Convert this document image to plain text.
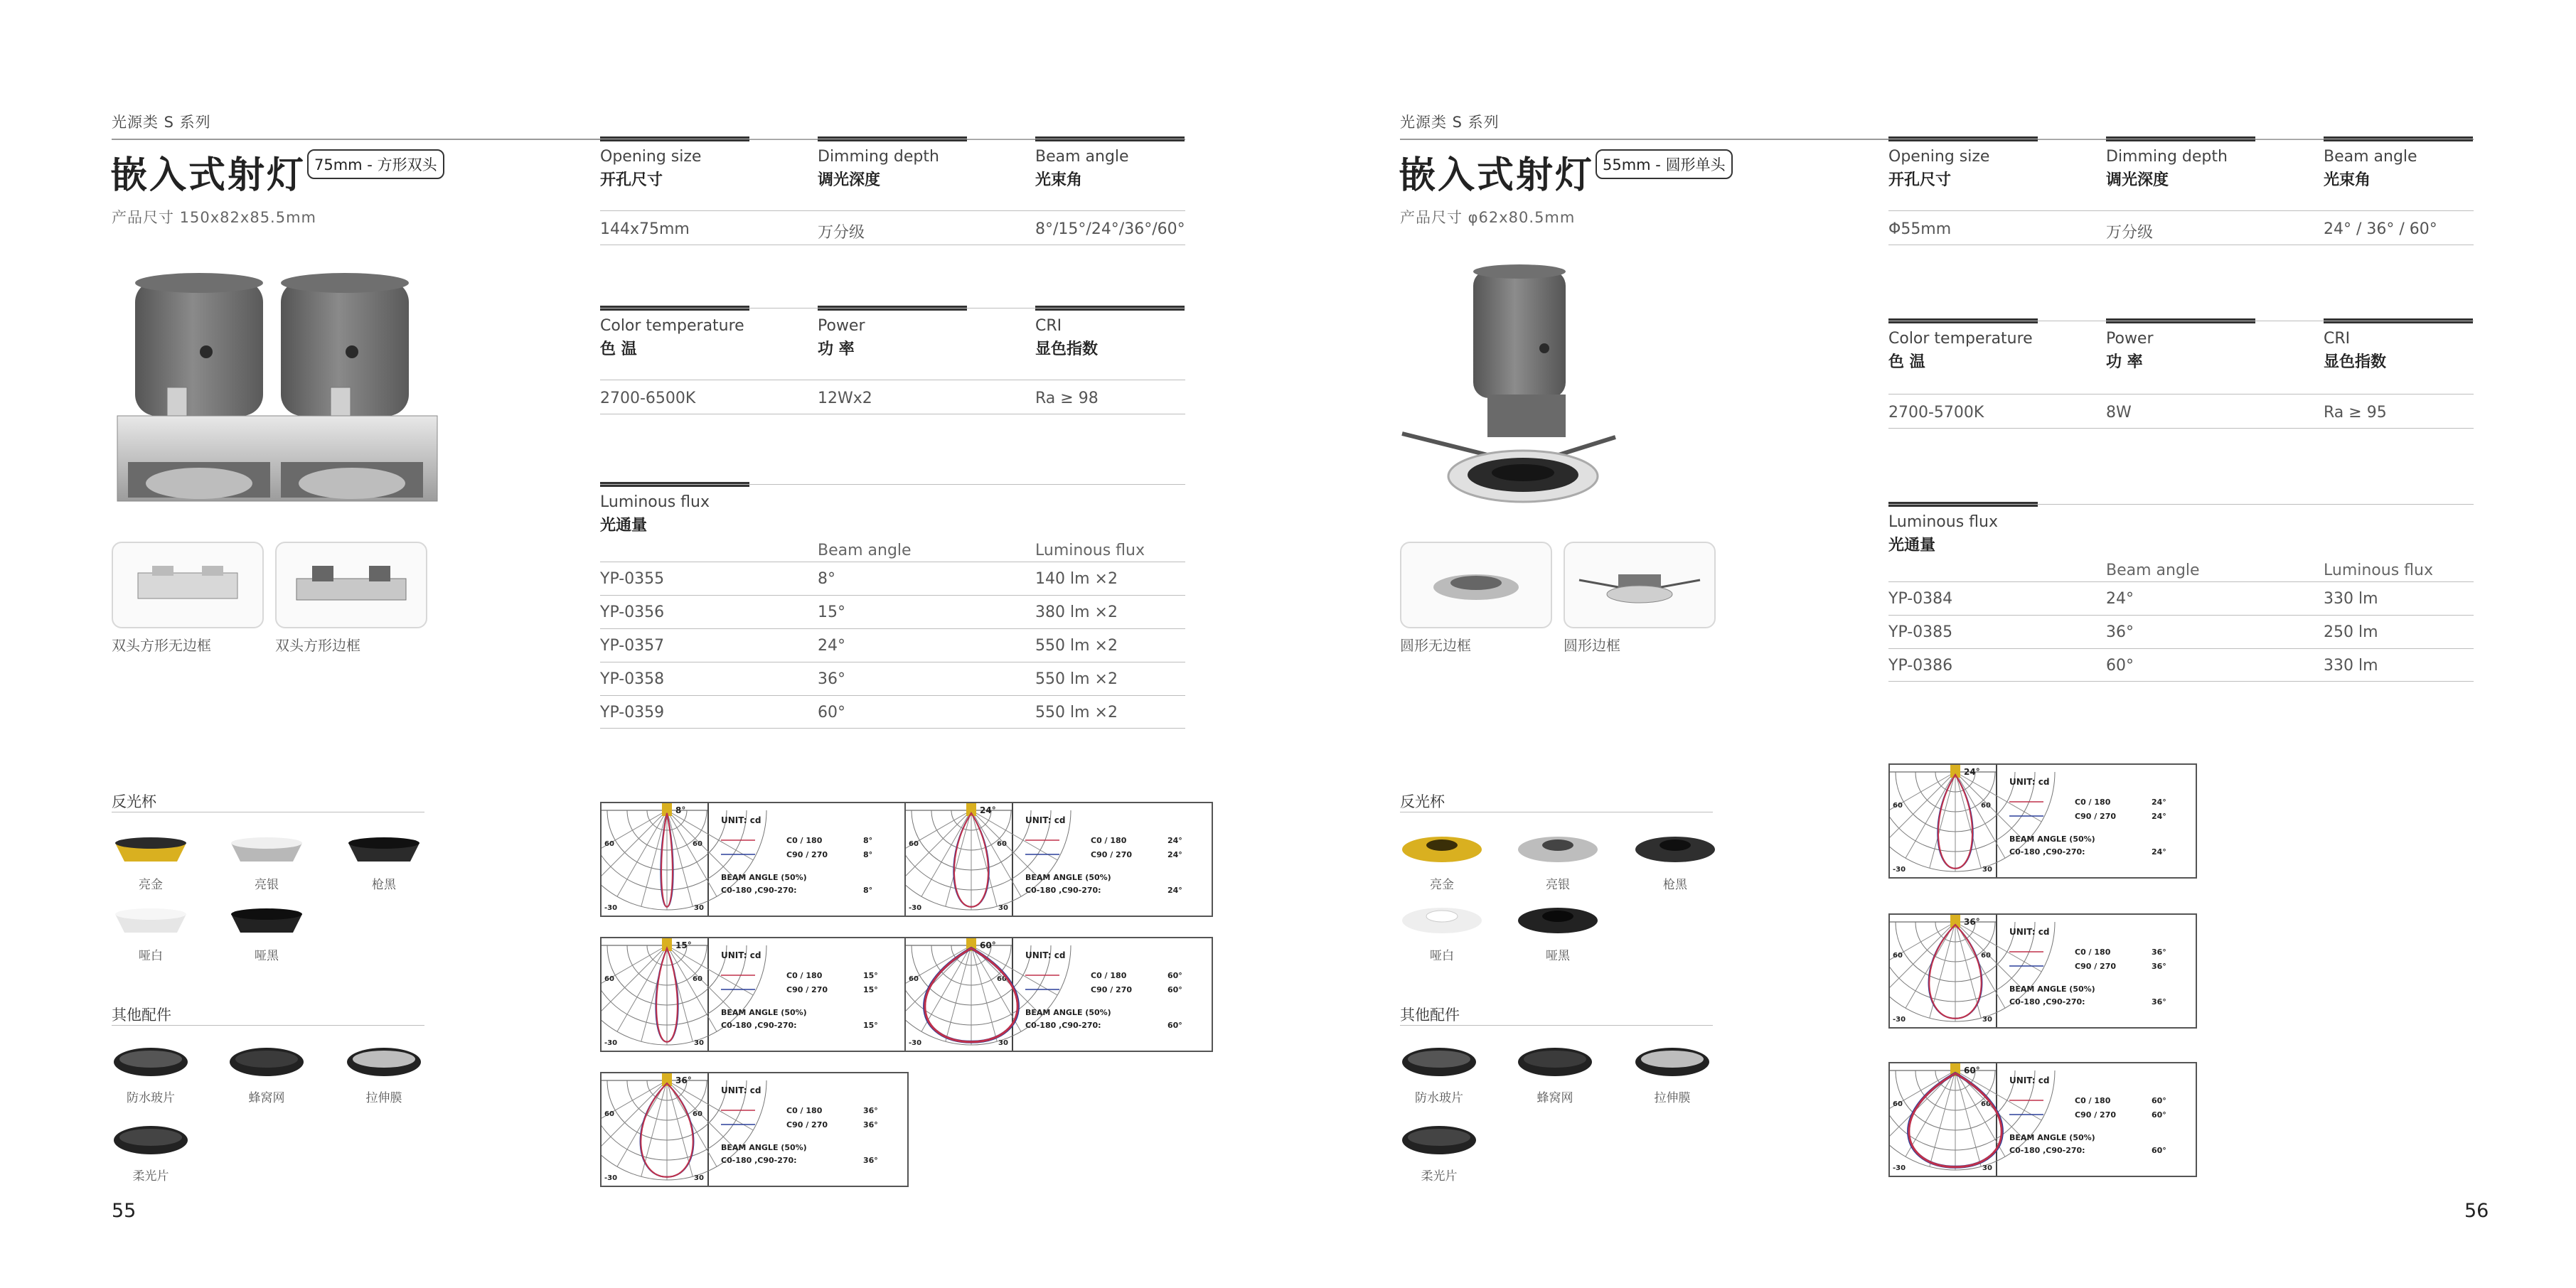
光源类 S 系列
嵌入式射灯 75mm - 方形双头
产品尺寸 150x82x85.5mm
双头方形无边框	双头方形边框
反光杯
亮金	亮银	枪黑
哑白	哑黑
其他配件
防水玻片	蜂窝网	拉伸膜
柔光片
55
Opening size
开孔尺寸
144x75mm
Dimming depth
调光深度
万分级
Beam angle
光束角
8°/15°/24°/36°/60°
Color temperature
色 温
2700-6500K
Power
功 率
12Wx2
CRI
显色指数
Ra ≥ 98
Luminous flux
光通量
Beam angle	Luminous flux
YP-0355	8°	140 lm ×2
YP-0356	15°	380 lm ×2
YP-0357	24°	550 lm ×2
YP-0358	36°	550 lm ×2
YP-0359	60°	550 lm ×2
8°
60	60
-30	30
UNIT: cd
C0 / 180	8°
C90 / 270	8°
BEAM ANGLE (50%)
C0-180 ,C90-270:	8°
24°
60	60
-30	30
UNIT: cd
C0 / 180	24°
C90 / 270	24°
BEAM ANGLE (50%)
C0-180 ,C90-270:	24°
15°
60	60
-30	30
UNIT: cd
C0 / 180	15°
C90 / 270	15°
BEAM ANGLE (50%)
C0-180 ,C90-270:	15°
60°
60	60
-30	30
UNIT: cd
C0 / 180	60°
C90 / 270	60°
BEAM ANGLE (50%)
C0-180 ,C90-270:	60°
36°
60	60
-30	30
UNIT: cd
C0 / 180	36°
C90 / 270	36°
BEAM ANGLE (50%)
C0-180 ,C90-270:	36°
光源类 S 系列
嵌入式射灯 55mm - 圆形单头
产品尺寸 φ62x80.5mm
圆形无边框	圆形边框
反光杯
亮金	亮银	枪黑
哑白	哑黑
其他配件
防水玻片	蜂窝网	拉伸膜
柔光片
56
Opening size
开孔尺寸
Φ55mm
Dimming depth
调光深度
万分级
Beam angle
光束角
24° / 36° / 60°
Color temperature
色 温
2700-5700K
Power
功 率
8W
CRI
显色指数
Ra ≥ 95
Luminous flux
光通量
Beam angle	Luminous flux
YP-0384	24°	330 lm
YP-0385	36°	250 lm
YP-0386	60°	330 lm
24°
60	60
-30	30
UNIT: cd
C0 / 180	24°
C90 / 270	24°
BEAM ANGLE (50%)
C0-180 ,C90-270:	24°
36°
60	60
-30	30
UNIT: cd
C0 / 180	36°
C90 / 270	36°
BEAM ANGLE (50%)
C0-180 ,C90-270:	36°
60°
60	60
-30	30
UNIT: cd
C0 / 180	60°
C90 / 270	60°
BEAM ANGLE (50%)
C0-180 ,C90-270:	60°
